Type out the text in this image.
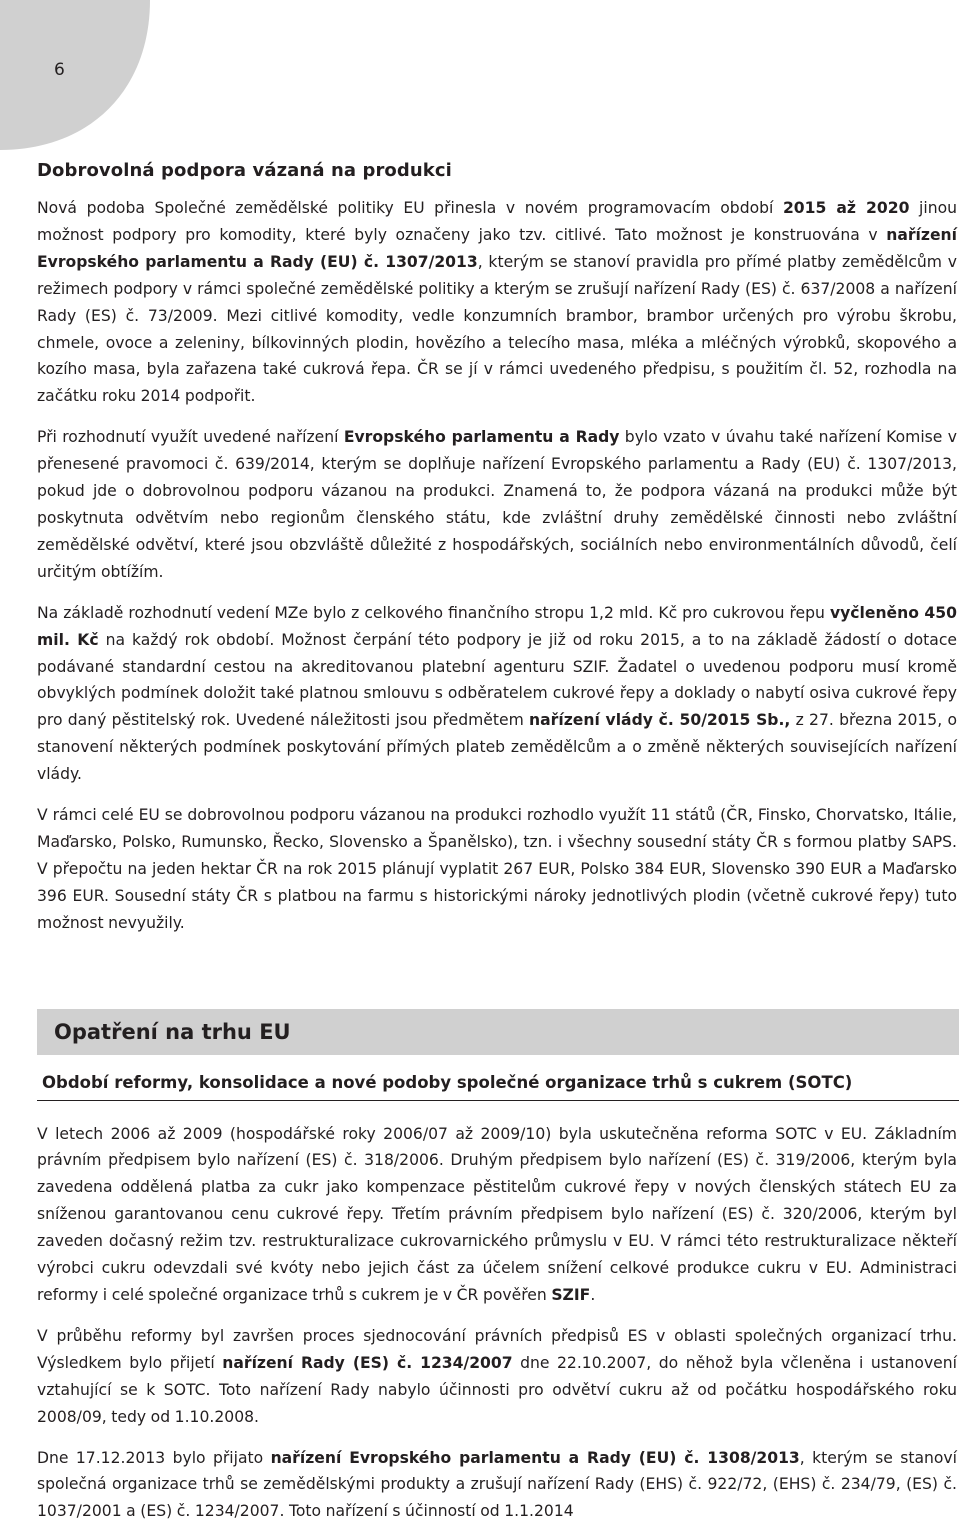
6
Dobrovolná podpora vázaná na produkci

Nová podoba Společné zemědělské politiky EU přinesla v novém programovacím období 2015 až 2020 jinou možnost podpory pro komodity, které byly označeny jako tzv. citlivé. Tato možnost je konstruována v nařízení Evropského parlamentu a Rady (EU) č. 1307/2013, kterým se stanoví pravidla pro přímé platby zemědělcům v režimech podpory v rámci společné zemědělské politiky a kterým se zrušují nařízení Rady (ES) č. 637/2008 a nařízení Rady (ES) č. 73/2009. Mezi citlivé komodity, vedle konzumních brambor, brambor určených pro výrobu škrobu, chmele, ovoce a zeleniny, bílkovinných plodin, hovězího a telecího masa, mléka a mléčných výrobků, skopového a kozího masa, byla zařazena také cukrová řepa. ČR se jí v rámci uvedeného předpisu, s použitím čl. 52, rozhodla na začátku roku 2014 podpořit.

Při rozhodnutí využít uvedené nařízení Evropského parlamentu a Rady bylo vzato v úvahu také nařízení Komise v přenesené pravomoci č. 639/2014, kterým se doplňuje nařízení Evropského parlamentu a Rady (EU) č. 1307/2013, pokud jde o dobrovolnou podporu vázanou na produkci. Znamená to, že podpora vázaná na produkci může být poskytnuta odvětvím nebo regionům členského státu, kde zvláštní druhy zemědělské činnosti nebo zvláštní zemědělské odvětví, které jsou obzvláště důležité z hospodářských, sociálních nebo environmentálních důvodů, čelí určitým obtížím.

Na základě rozhodnutí vedení MZe bylo z celkového finančního stropu 1,2 mld. Kč pro cukrovou řepu vyčleněno 450 mil. Kč na každý rok období. Možnost čerpání této podpory je již od roku 2015, a to na základě žádostí o dotace podávané standardní cestou na akreditovanou platební agenturu SZIF. Žadatel o uvedenou podporu musí kromě obvyklých podmínek doložit také platnou smlouvu s odběratelem cukrové řepy a doklady o nabytí osiva cukrové řepy pro daný pěstitelský rok. Uvedené náležitosti jsou předmětem nařízení vlády č. 50/2015 Sb., z 27. března 2015, o stanovení některých podmínek poskytování přímých plateb zemědělcům a o změně některých souvisejících nařízení vlády.

V rámci celé EU se dobrovolnou podporu vázanou na produkci rozhodlo využít 11 států (ČR, Finsko, Chorvatsko, Itálie, Maďarsko, Polsko, Rumunsko, Řecko, Slovensko a Španělsko), tzn. i všechny sousední státy ČR s formou platby SAPS. V přepočtu na jeden hektar ČR na rok 2015 plánují vyplatit 267 EUR, Polsko 384 EUR, Slovensko 390 EUR a Maďarsko 396 EUR. Sousední státy ČR s platbou na farmu s historickými nároky jednotlivých plodin (včetně cukrové řepy) tuto možnost nevyužily.

Opatření na trhu EU
Období reformy, konsolidace a nové podoby společné organizace trhů s cukrem (SOTC)

V letech 2006 až 2009 (hospodářské roky 2006/07 až 2009/10) byla uskutečněna reforma SOTC v EU. Základním právním předpisem bylo nařízení (ES) č. 318/2006. Druhým předpisem bylo nařízení (ES) č. 319/2006, kterým byla zavedena oddělená platba za cukr jako kompenzace pěstitelům cukrové řepy v nových členských státech EU za sníženou garantovanou cenu cukrové řepy. Třetím právním předpisem bylo nařízení (ES) č. 320/2006, kterým byl zaveden dočasný režim tzv. restrukturalizace cukrovarnického průmyslu v EU. V rámci této restrukturalizace někteří výrobci cukru odevzdali své kvóty nebo jejich část za účelem snížení celkové produkce cukru v EU. Administraci reformy i celé společné organizace trhů s cukrem je v ČR pověřen SZIF.

V průběhu reformy byl završen proces sjednocování právních předpisů ES v oblasti společných organizací trhu. Výsledkem bylo přijetí nařízení Rady (ES) č. 1234/2007 dne 22.10.2007, do něhož byla včleněna i ustanovení vztahující se k SOTC. Toto nařízení Rady nabylo účinnosti pro odvětví cukru až od počátku hospodářského roku 2008/09, tedy od 1.10.2008.

Dne 17.12.2013 bylo přijato nařízení Evropského parlamentu a Rady (EU) č. 1308/2013, kterým se stanoví společná organizace trhů se zemědělskými produkty a zrušují nařízení Rady (EHS) č. 922/72, (EHS) č. 234/79, (ES) č. 1037/2001 a (ES) č. 1234/2007. Toto nařízení s účinností od 1.1.2014
